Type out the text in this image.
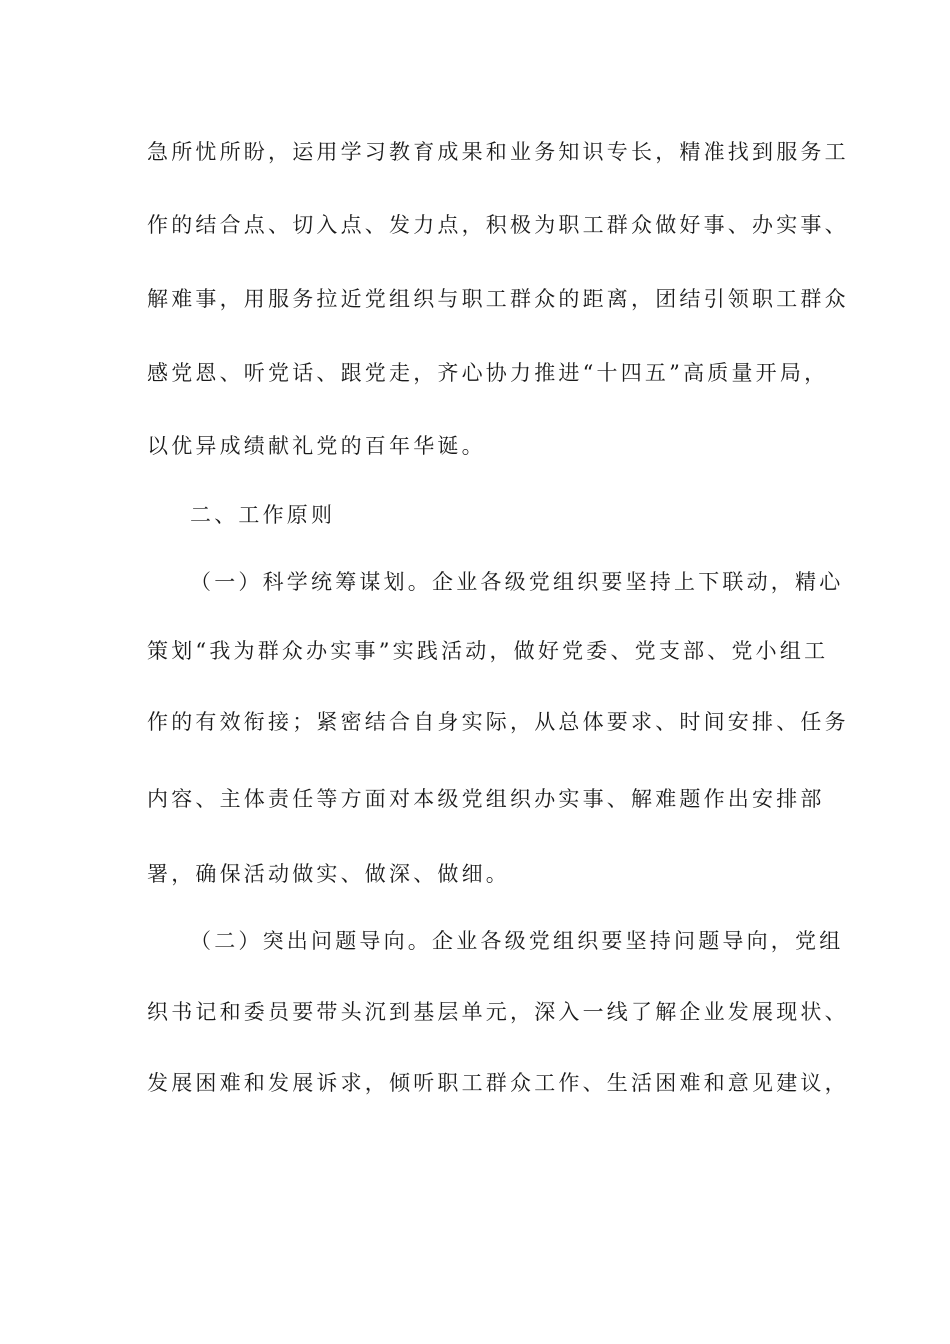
急所忧所盼，运用学习教育成果和业务知识专长，精准找到服务工
作的结合点、切入点、发力点，积极为职工群众做好事、办实事、
解难事，用服务拉近党组织与职工群众的距离，团结引领职工群众
感党恩、听党话、跟党走，齐心协力推进“十四五”高质量开局，
以优异成绩献礼党的百年华诞。
二、工作原则
（一）科学统筹谋划。企业各级党组织要坚持上下联动，精心
策划“我为群众办实事”实践活动，做好党委、党支部、党小组工
作的有效衔接；紧密结合自身实际，从总体要求、时间安排、任务
内容、主体责任等方面对本级党组织办实事、解难题作出安排部
署，确保活动做实、做深、做细。
（二）突出问题导向。企业各级党组织要坚持问题导向，党组
织书记和委员要带头沉到基层单元，深入一线了解企业发展现状、
发展困难和发展诉求，倾听职工群众工作、生活困难和意见建议，
